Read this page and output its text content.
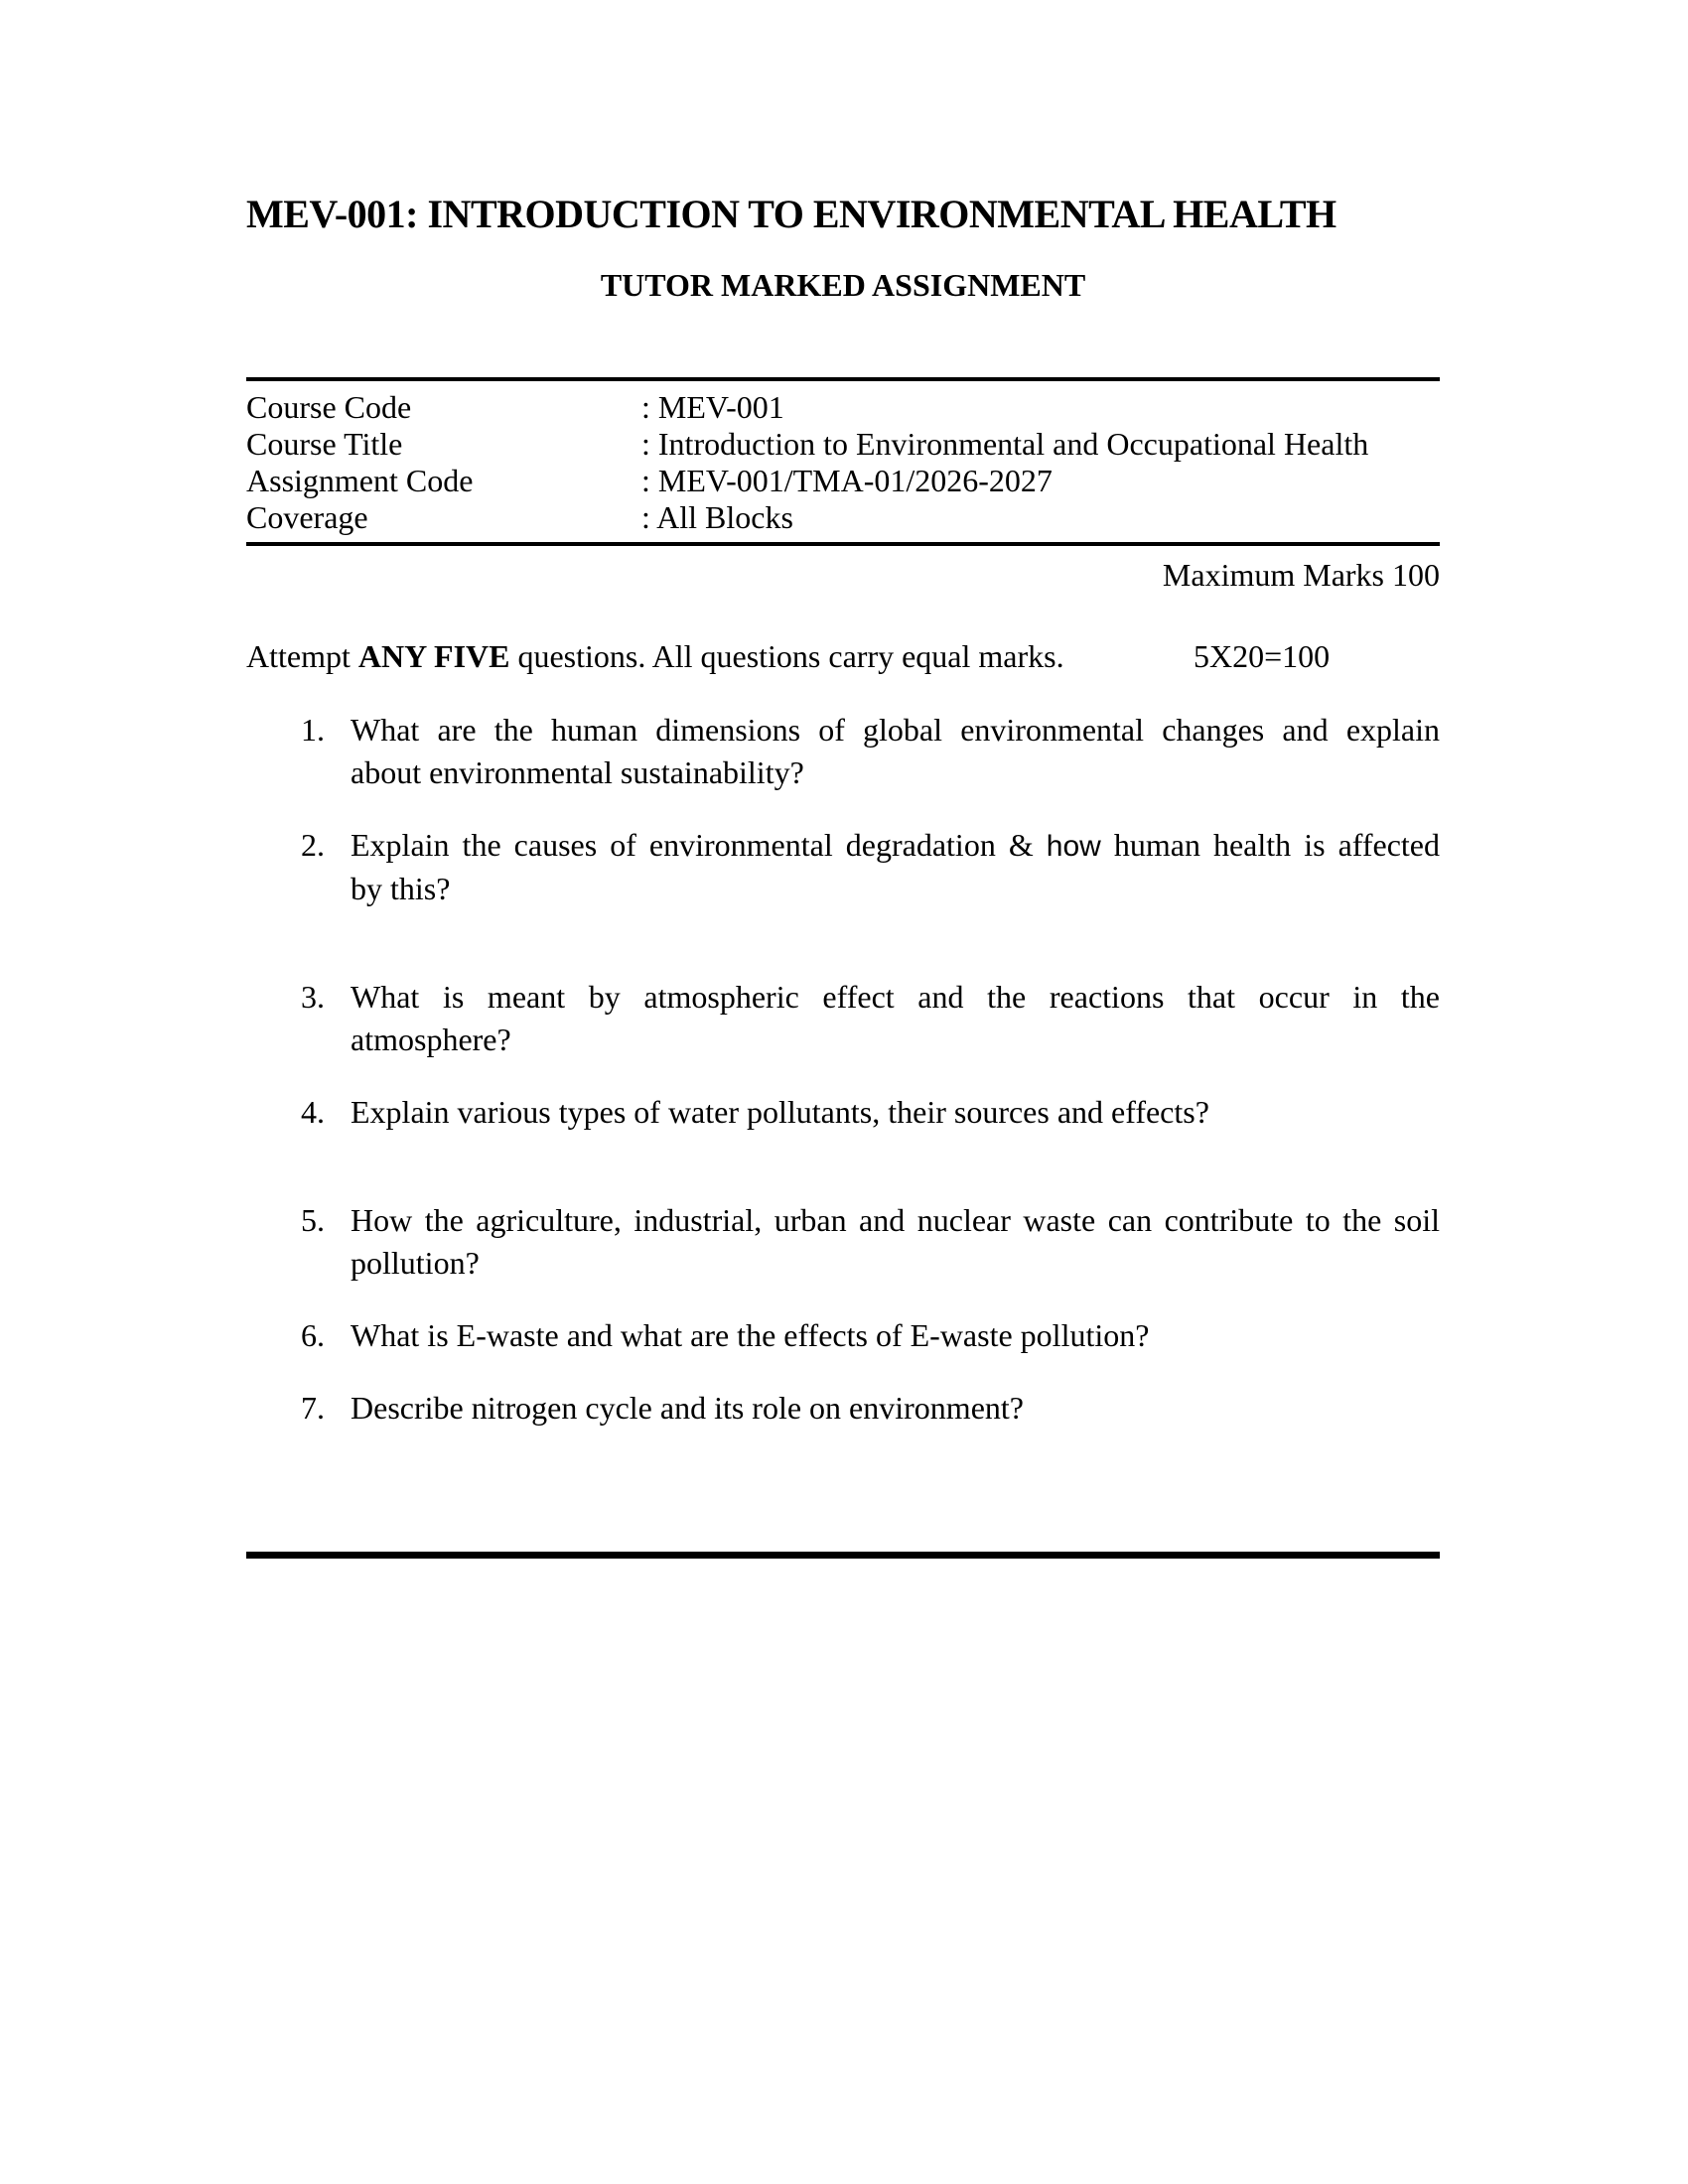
MEV-001: INTRODUCTION TO ENVIRONMENTAL HEALTH
TUTOR MARKED ASSIGNMENT
Course Code	: MEV-001
Course Title	: Introduction to Environmental and Occupational Health
Assignment Code	: MEV-001/TMA-01/2026-2027
Coverage	: All Blocks
Maximum Marks 100
Attempt ANY FIVE questions. All questions carry equal marks.	5X20=100
1. What are the human dimensions of global environmental changes and explain
about environmental sustainability?
2. Explain the causes of environmental degradation & how human health is affected
by this?
3. What is meant by atmospheric effect and the reactions that occur in the
atmosphere?
4. Explain various types of water pollutants, their sources and effects?
5. How the agriculture, industrial, urban and nuclear waste can contribute to the soil
pollution?
6. What is E-waste and what are the effects of E-waste pollution?
7. Describe nitrogen cycle and its role on environment?
